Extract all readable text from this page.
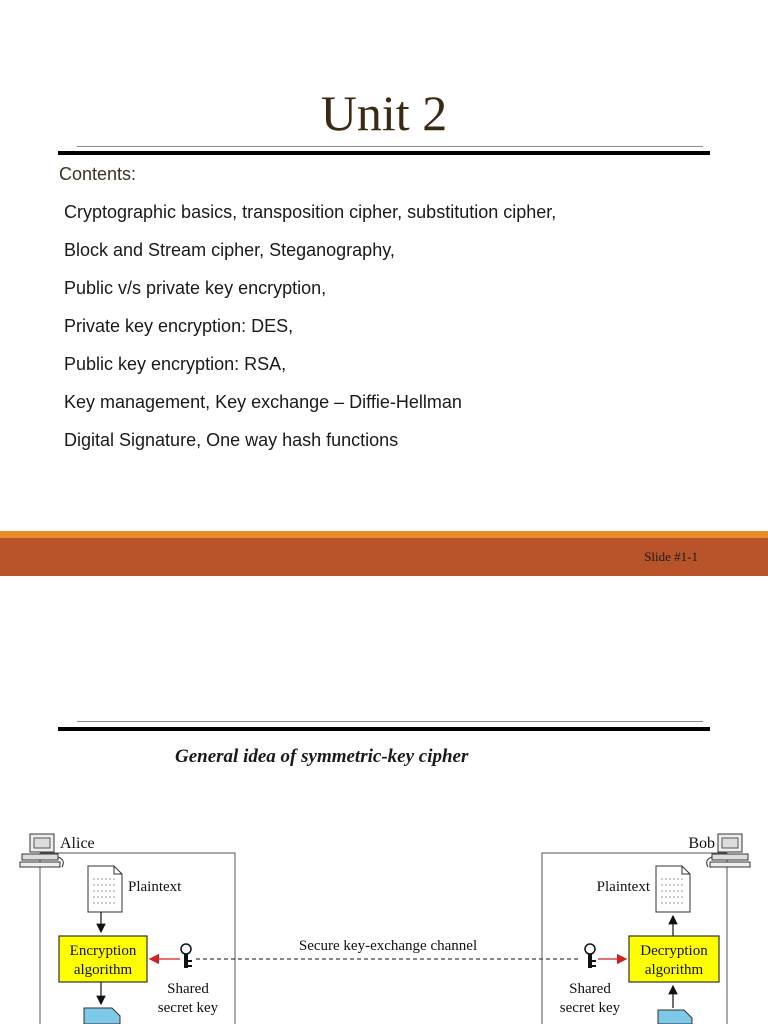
Unit 2
Contents:
Cryptographic basics, transposition cipher, substitution cipher,
Block and Stream cipher, Steganography,
Public v/s private key encryption,
Private key encryption: DES,
Public key encryption: RSA,
Key management, Key exchange – Diffie-Hellman
Digital Signature, One way hash functions
Slide #1-1
General idea of symmetric-key cipher
Alice
Plaintext
Encryption
algorithm
Shared
secret key
Secure key-exchange channel
Bob
Plaintext
Decryption
algorithm
Shared
secret key
